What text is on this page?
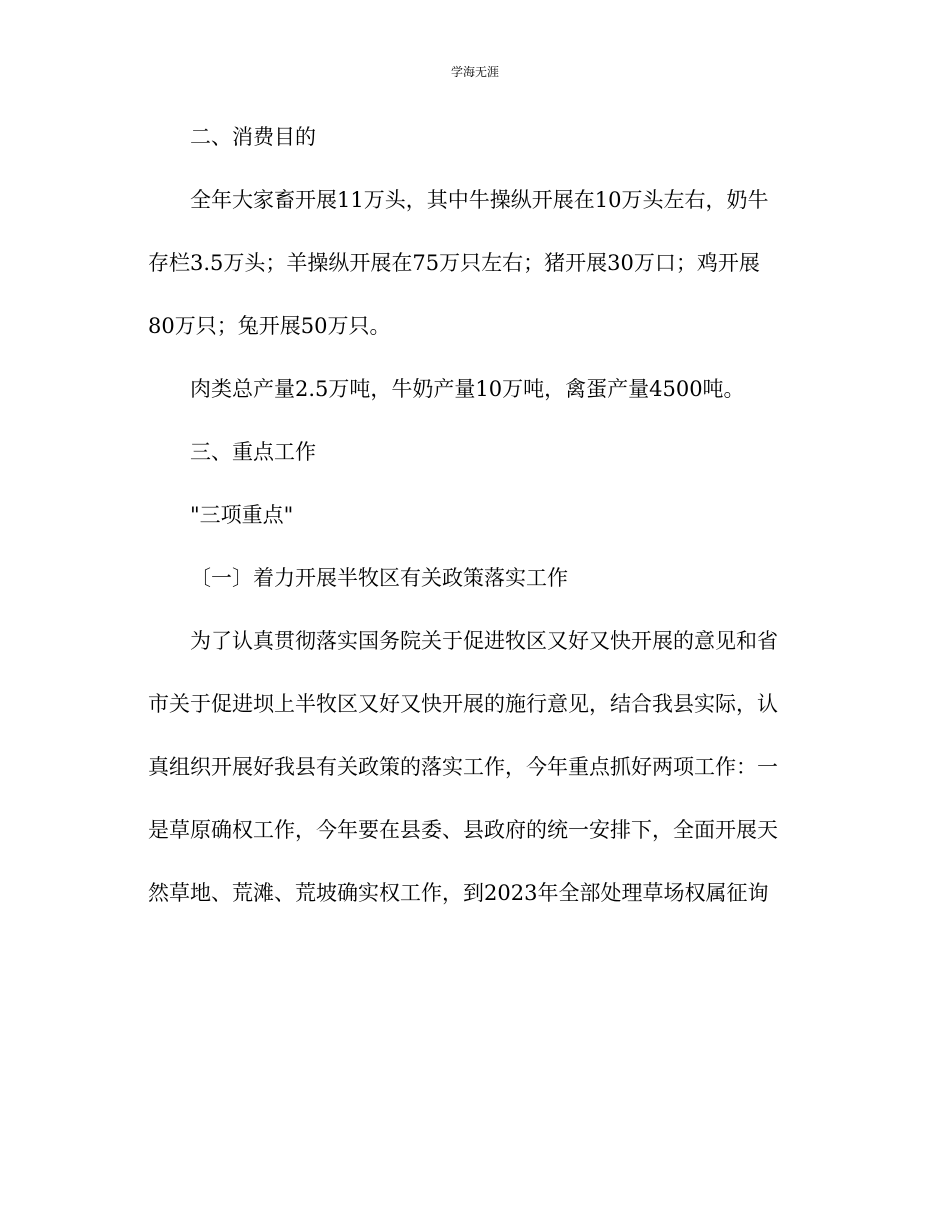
学海无涯
二、消费目的
全年大家畜开展11万头，其中牛操纵开展在10万头左右，奶牛
存栏3.5万头；羊操纵开展在75万只左右；猪开展30万口；鸡开展
80万只；兔开展50万只。
肉类总产量2.5万吨，牛奶产量10万吨，禽蛋产量4500吨。
三、重点工作
"三项重点"
〔一〕着力开展半牧区有关政策落实工作
为了认真贯彻落实国务院关于促进牧区又好又快开展的意见和省
市关于促进坝上半牧区又好又快开展的施行意见，结合我县实际，认
真组织开展好我县有关政策的落实工作，今年重点抓好两项工作：一
是草原确权工作，今年要在县委、县政府的统一安排下，全面开展天
然草地、荒滩、荒坡确实权工作，到2023年全部处理草场权属征询
